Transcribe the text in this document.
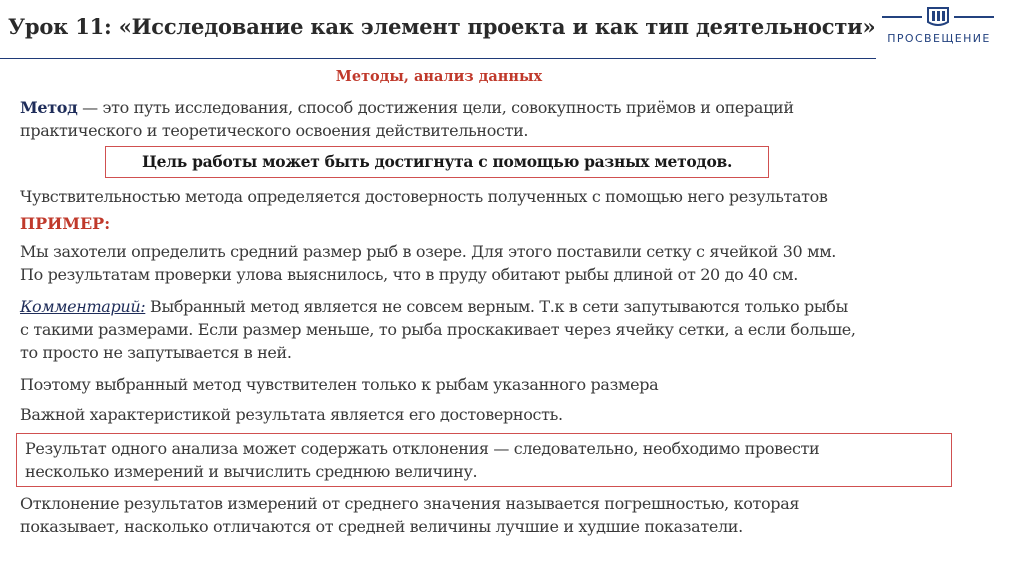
Урок 11: «Исследование как элемент проекта и как тип деятельности»	ПРОСВЕЩЕНИЕ
Методы, анализ данных
Метод — это путь исследования, способ достижения цели, совокупность приёмов и операций
практического и теоретического освоения действительности.
Цель работы может быть достигнута с помощью разных методов.
Чувствительностью метода определяется достоверность полученных с помощью него результатов
ПРИМЕР:
Мы захотели определить средний размер рыб в озере. Для этого поставили сетку с ячейкой 30 мм.
По результатам проверки улова выяснилось, что в пруду обитают рыбы длиной от 20 до 40 см.
Комментарий: Выбранный метод является не совсем верным. Т.к в сети запутываются только рыбы
с такими размерами. Если размер меньше, то рыба проскакивает через ячейку сетки, а если больше,
то просто не запутывается в ней.
Поэтому выбранный метод чувствителен только к рыбам указанного размера
Важной характеристикой результата является его достоверность.
Результат одного анализа может содержать отклонения — следовательно, необходимо провести
несколько измерений и вычислить среднюю величину.
Отклонение результатов измерений от среднего значения называется погрешностью, которая
показывает, насколько отличаются от средней величины лучшие и худшие показатели.
